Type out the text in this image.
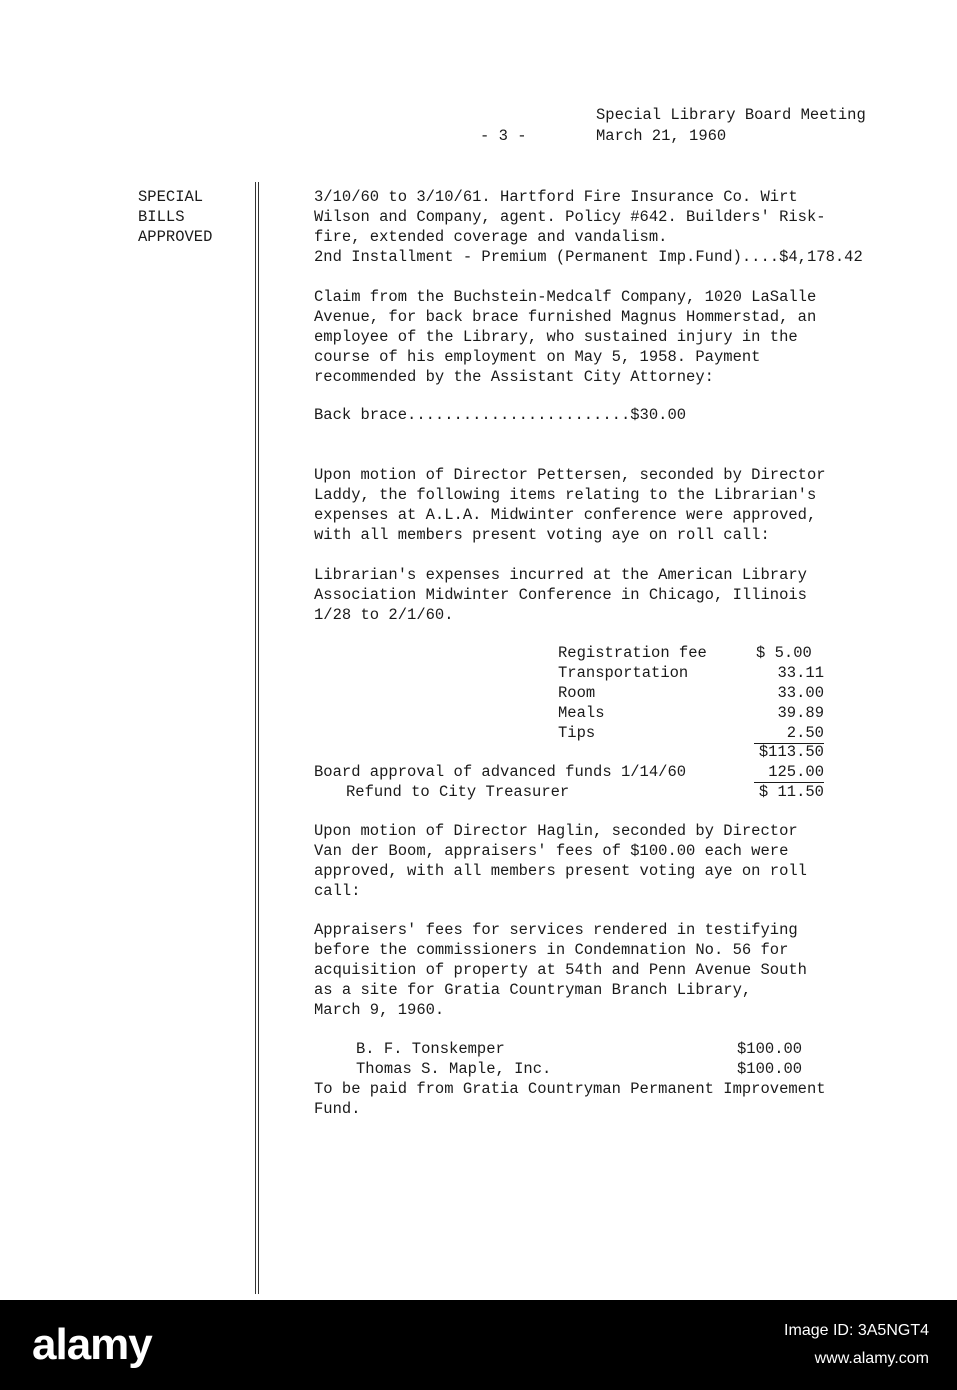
Special Library Board Meeting
- 3 -	March 21, 1960
SPECIAL
BILLS
APPROVED
3/10/60 to 3/10/61. Hartford Fire Insurance Co. Wirt
Wilson and Company, agent. Policy #642. Builders' Risk-
fire, extended coverage and vandalism.
2nd Installment - Premium (Permanent Imp.Fund)....$4,178.42
Claim from the Buchstein-Medcalf Company, 1020 LaSalle
Avenue, for back brace furnished Magnus Hommerstad, an
employee of the Library, who sustained injury in the
course of his employment on May 5, 1958. Payment
recommended by the Assistant City Attorney:
Back brace........................$30.00
Upon motion of Director Pettersen, seconded by Director
Laddy, the following items relating to the Librarian's
expenses at A.L.A. Midwinter conference were approved,
with all members present voting aye on roll call:
Librarian's expenses incurred at the American Library
Association Midwinter Conference in Chicago, Illinois
1/28 to 2/1/60.
Registration fee	$ 5.00
Transportation	33.11
Room	33.00
Meals	39.89
Tips	2.50
$113.50
Board approval of advanced funds 1/14/60	125.00
Refund to City Treasurer	$ 11.50
Upon motion of Director Haglin, seconded by Director
Van der Boom, appraisers' fees of $100.00 each were
approved, with all members present voting aye on roll
call:
Appraisers' fees for services rendered in testifying
before the commissioners in Condemnation No. 56 for
acquisition of property at 54th and Penn Avenue South
as a site for Gratia Countryman Branch Library,
March 9, 1960.
B. F. Tonskemper	$100.00
Thomas S. Maple, Inc.	$100.00
To be paid from Gratia Countryman Permanent Improvement
Fund.
alamy	Image ID: 3A5NGT4
www.alamy.com
